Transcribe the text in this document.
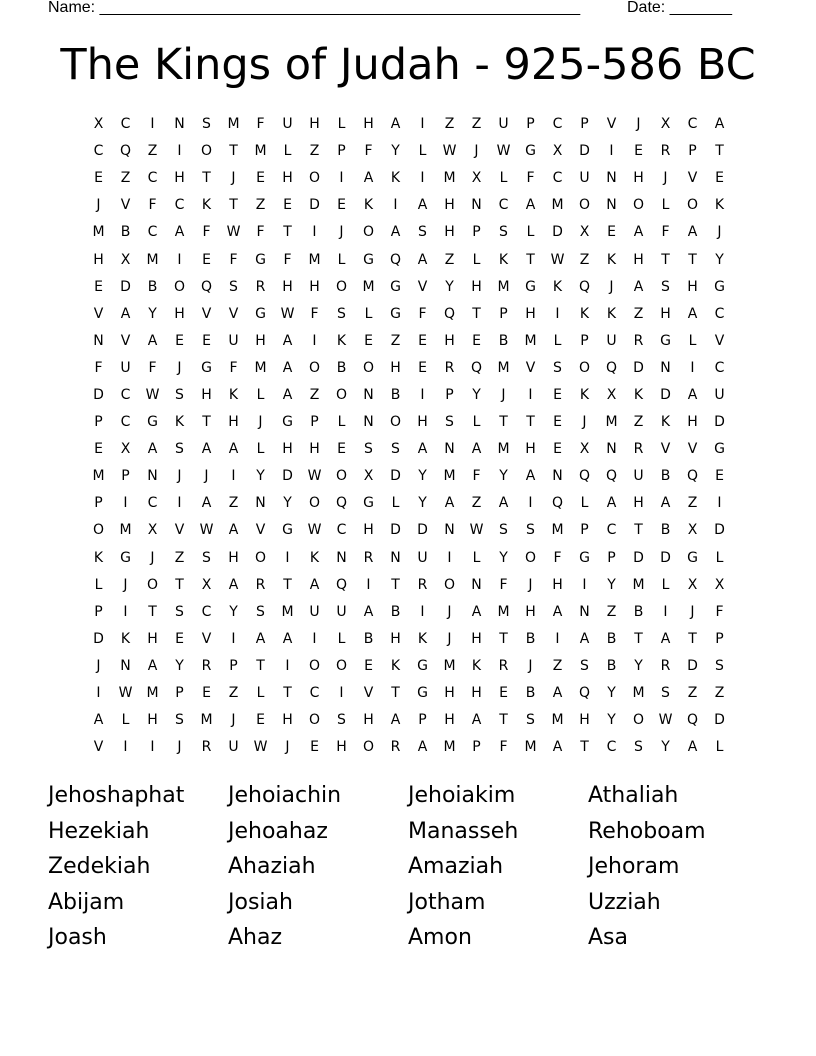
Name: ______________________________________________________	Date: _______
The Kings of Judah - 925-586 BC
X	C	I	N	S	M	F	U	H	L	H	A	I	Z	Z	U	P	C	P	V	J	X	C	A
C	Q	Z	I	O	T	M	L	Z	P	F	Y	L	W	J	W	G	X	D	I	E	R	P	T
E	Z	C	H	T	J	E	H	O	I	A	K	I	M	X	L	F	C	U	N	H	J	V	E
J	V	F	C	K	T	Z	E	D	E	K	I	A	H	N	C	A	M	O	N	O	L	O	K
M	B	C	A	F	W	F	T	I	J	O	A	S	H	P	S	L	D	X	E	A	F	A	J
H	X	M	I	E	F	G	F	M	L	G	Q	A	Z	L	K	T	W	Z	K	H	T	T	Y
E	D	B	O	Q	S	R	H	H	O	M	G	V	Y	H	M	G	K	Q	J	A	S	H	G
V	A	Y	H	V	V	G	W	F	S	L	G	F	Q	T	P	H	I	K	K	Z	H	A	C
N	V	A	E	E	U	H	A	I	K	E	Z	E	H	E	B	M	L	P	U	R	G	L	V
F	U	F	J	G	F	M	A	O	B	O	H	E	R	Q	M	V	S	O	Q	D	N	I	C
D	C	W	S	H	K	L	A	Z	O	N	B	I	P	Y	J	I	E	K	X	K	D	A	U
P	C	G	K	T	H	J	G	P	L	N	O	H	S	L	T	T	E	J	M	Z	K	H	D
E	X	A	S	A	A	L	H	H	E	S	S	A	N	A	M	H	E	X	N	R	V	V	G
M	P	N	J	J	I	Y	D	W	O	X	D	Y	M	F	Y	A	N	Q	Q	U	B	Q	E
P	I	C	I	A	Z	N	Y	O	Q	G	L	Y	A	Z	A	I	Q	L	A	H	A	Z	I
O	M	X	V	W	A	V	G	W	C	H	D	D	N	W	S	S	M	P	C	T	B	X	D
K	G	J	Z	S	H	O	I	K	N	R	N	U	I	L	Y	O	F	G	P	D	D	G	L
L	J	O	T	X	A	R	T	A	Q	I	T	R	O	N	F	J	H	I	Y	M	L	X	X
P	I	T	S	C	Y	S	M	U	U	A	B	I	J	A	M	H	A	N	Z	B	I	J	F
D	K	H	E	V	I	A	A	I	L	B	H	K	J	H	T	B	I	A	B	T	A	T	P
J	N	A	Y	R	P	T	I	O	O	E	K	G	M	K	R	J	Z	S	B	Y	R	D	S
I	W	M	P	E	Z	L	T	C	I	V	T	G	H	H	E	B	A	Q	Y	M	S	Z	Z
A	L	H	S	M	J	E	H	O	S	H	A	P	H	A	T	S	M	H	Y	O	W	Q	D
V	I	I	J	R	U	W	J	E	H	O	R	A	M	P	F	M	A	T	C	S	Y	A	L
Jehoshaphat	Jehoiachin	Jehoiakim	Athaliah
Hezekiah	Jehoahaz	Manasseh	Rehoboam
Zedekiah	Ahaziah	Amaziah	Jehoram
Abijam	Josiah	Jotham	Uzziah
Joash	Ahaz	Amon	Asa
